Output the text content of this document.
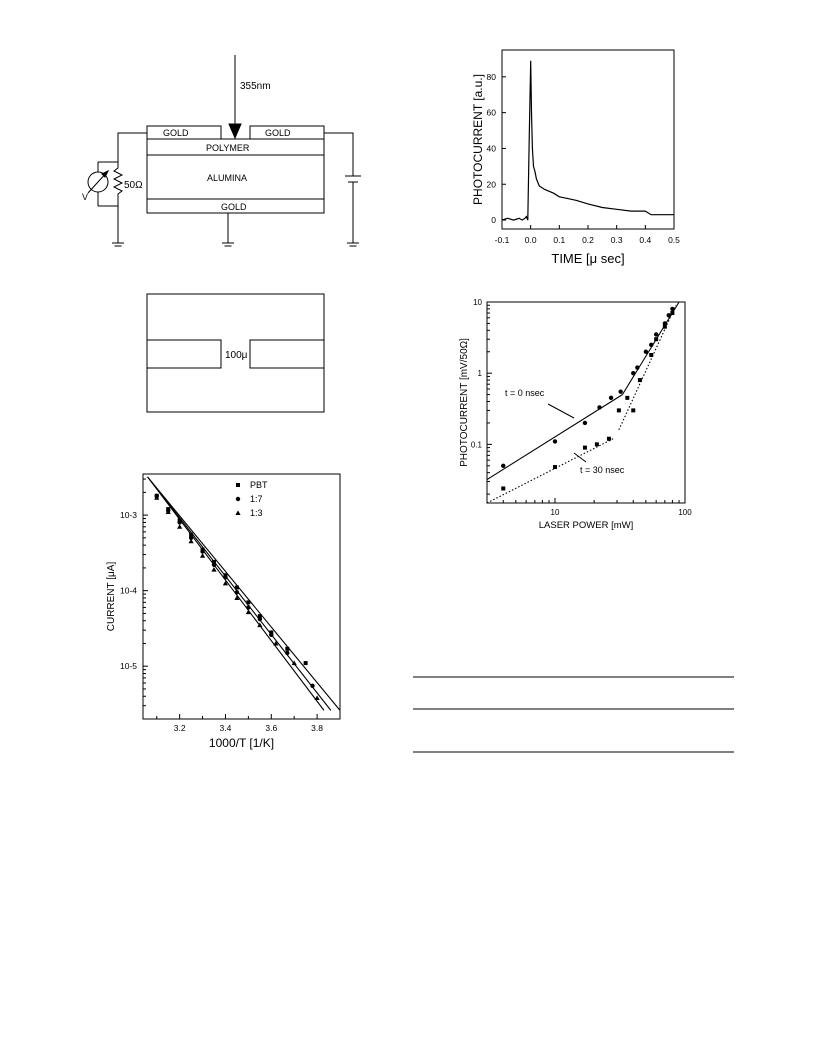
355nm
GOLD	GOLD
POLYMER
ALUMINA
GOLD
V
50Ω
100μ
-0.1 0.0 0.1 0.2 0.3 0.4 0.5
0
20
40
60
80
TIME [μ sec]
PHOTOCURRENT [a.u.]
10	100
0.1
1
10
t = 0 nsec
t = 30 nsec
LASER POWER [mW]
PHOTOCURRENT [mV/50Ω]
3.2	3.4	3.6	3.8
10-5
10-4
10-3
PBT
1:7
1:3
1000/T [1/K]
CURRENT [μA]
